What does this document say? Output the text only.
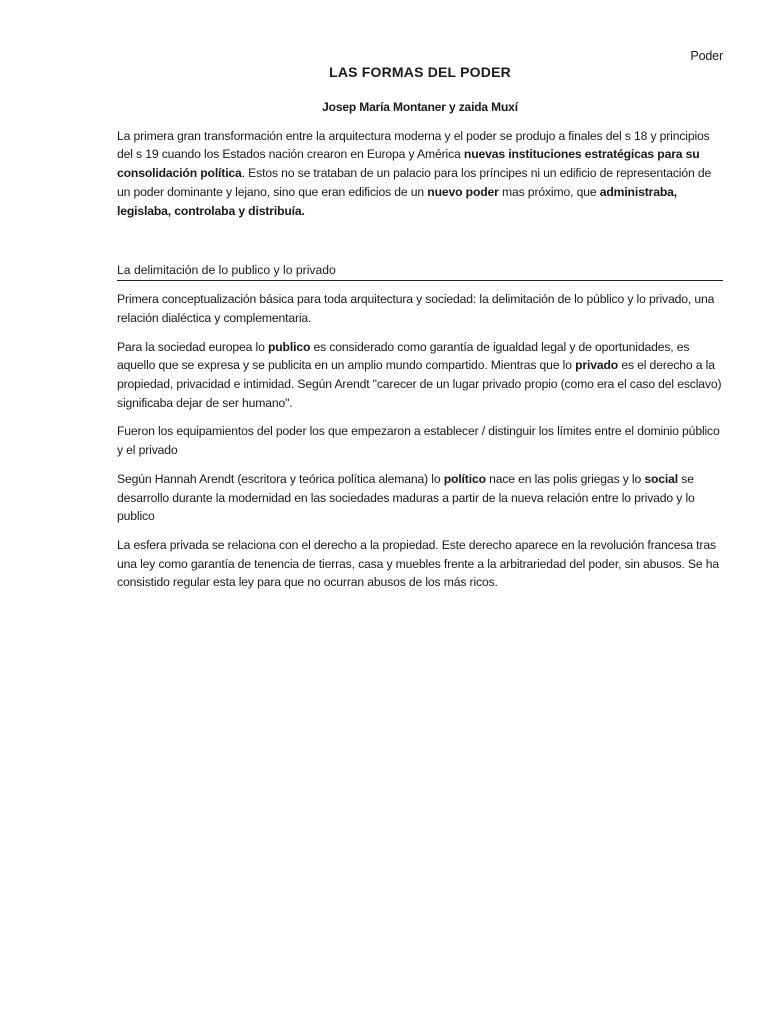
Poder

LAS FORMAS DEL PODER

Josep María Montaner y zaida Muxí

La primera gran transformación entre la arquitectura moderna y el poder se produjo a finales del s 18 y principios del s 19 cuando los Estados nación crearon en Europa y América nuevas instituciones estratégicas para su consolidación política. Estos no se trataban de un palacio para los príncipes ni un edificio de representación de un poder dominante y lejano, sino que eran edificios de un nuevo poder mas próximo, que administraba, legislaba, controlaba y distribuía.

La delimitación de lo publico y lo privado

Primera conceptualización básica para toda arquitectura y sociedad: la delimitación de lo público y lo privado, una relación dialéctica y complementaria.

Para la sociedad europea lo publico es considerado como garantía de igualdad legal y de oportunidades, es aquello que se expresa y se publicita en un amplio mundo compartido. Mientras que lo privado es el derecho a la propiedad, privacidad e intimidad. Según Arendt "carecer de un lugar privado propio (como era el caso del esclavo) significaba dejar de ser humano".

Fueron los equipamientos del poder los que empezaron a establecer / distinguir los límites entre el dominio público y el privado

Según Hannah Arendt (escritora y teórica política alemana) lo político nace en las polis griegas y lo social se desarrollo durante la modernidad en las sociedades maduras a partir de la nueva relación entre lo privado y lo publico

La esfera privada se relaciona con el derecho a la propiedad. Este derecho aparece en la revolución francesa tras una ley como garantía de tenencia de tierras, casa y muebles frente a la arbitrariedad del poder, sin abusos. Se ha consistido regular esta ley para que no ocurran abusos de los más ricos.
